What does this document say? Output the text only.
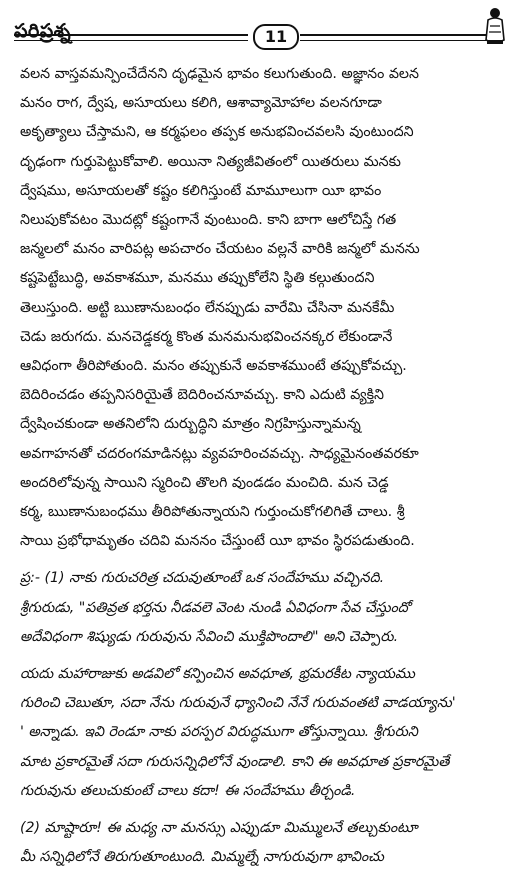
పరిప్రశ్న	11

వలన వాస్తవమన్పించేదేనని దృఢమైన భావం కలుగుతుంది. అజ్ఞానం వలన

మనం రాగ, ద్వేష, అసూయలు కలిగి, ఆశావ్యామోహాల వలనగూడా

అకృత్యాలు చేస్తామని, ఆ కర్మఫలం తప్పక అనుభవించవలసి వుంటుందని

దృఢంగా గుర్తుపెట్టుకోవాలి. అయినా నిత్యజీవితంలో యితరులు మనకు

ద్వేషము, అసూయలతో కష్టం కలిగిస్తుంటే మామూలుగా యీ భావం

నిలుపుకోవటం మొదట్లో కష్టంగానే వుంటుంది. కాని బాగా ఆలోచిస్తే గత

జన్మలలో మనం వారిపట్ల అపచారం చేయటం వల్లనే వారికి జన్మలో మనను

కష్టపెట్టేబుద్ధి, అవకాశమూ, మనము తప్పుకోలేని స్థితి కల్గుతుందని

తెలుస్తుంది. అట్టి ఋణానుబంధం లేనప్పుడు వారేమి చేసినా మనకేమీ

చెడు జరుగదు. మనచెడ్డకర్మ కొంత మనమనుభవించనక్కర లేకుండానే

ఆవిధంగా తీరిపోతుంది. మనం తప్పుకునే అవకాశముంటే తప్పుకోవచ్చు.

బెదిరించడం తప్పనిసరియైతే బెదిరించనూవచ్చు. కాని ఎదుటి వ్యక్తిని

ద్వేషించకుండా అతనిలోని దుర్బుద్ధిని మాత్రం నిగ్రహిస్తున్నామన్న

అవగాహనతో చదరంగమాడినట్లు వ్యవహరించవచ్చు. సాధ్యమైనంతవరకూ

అందరిలోవున్న సాయిని స్మరించి తొలగి వుండడం మంచిది. మన చెడ్డ

కర్మ, ఋణానుబంధము తీరిపోతున్నాయని గుర్తుంచుకోగలిగితే చాలు. శ్రీ

సాయి ప్రభోధామృతం చదివి మననం చేస్తుంటే యీ భావం స్థిరపడుతుంది.

ప్ర:- (1) నాకు గురుచరిత్ర చదువుతూంటే ఒక సందేహము వచ్చినది.

శ్రీగురుడు, "పతివ్రత భర్తను నీడవలె వెంట నుండి ఏవిధంగా సేవ చేస్తుందో

అదేవిధంగా శిష్యుడు గురువును సేవించి ముక్తిపొందాలి" అని చెప్పారు.

యదు మహారాజుకు అడవిలో కన్పించిన అవధూత, భ్రమరకీట న్యాయము

గురించి చెబుతూ, సదా నేను గురువునే ధ్యానించి నేనే గురువంతటి వాడయ్యాను'

' అన్నాడు. ఇవి రెండూ నాకు పరస్పర విరుద్ధముగా తోస్తున్నాయి. శ్రీగురుని

మాట ప్రకారమైతే సదా గురుసన్నిధిలోనే వుండాలి. కాని ఈ అవధూత ప్రకారమైతే

గురువును తలుచుకుంటే చాలు కదా! ఈ సందేహము తీర్చండి.

(2) మాష్టారూ! ఈ మధ్య నా మనస్సు ఎప్పుడూ మిమ్ములనే తల్చుకుంటూ

మీ సన్నిధిలోనే తిరుగుతూంటుంది. మిమ్మల్నే నాగురువుగా భావించు
